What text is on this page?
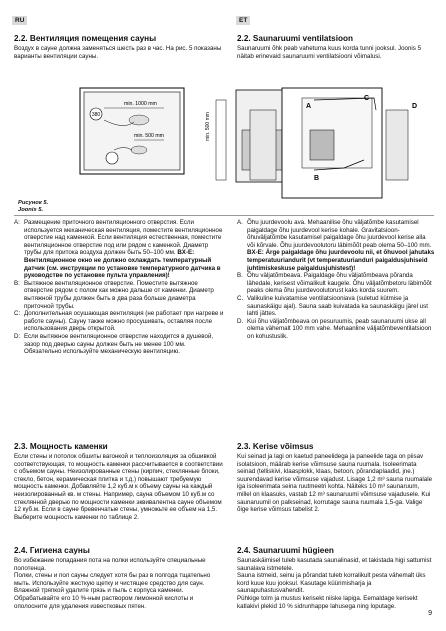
RU	ET
2.2. Вентиляция помещения сауны

Воздух в сауне должна заменяться шесть раз в час. На рис. 5 показаны варианты вентиляции сауны.

2.2. Saunaruumi ventilatsioon

Saunaruumi õhk peab vahetuma kuus korda tunni jooksul. Joonis 5 näitab erinevaid saunaruumi ventilatsiooni võimalusi.

380
min. 1000 mm
min. 500 mm	min. 500 mm
A
B
C
D
Рисунок 5.
Joonis 5.
A: Размещение приточного вентиляционного отверстия. Если используется механическая вентиляция, поместите вентиляционное отверстие над каменкой. Если вентиляция естественная, поместите вентиляционное отверстие под или рядом с каменкой. Диаметр трубы для притока воздуха должен быть 50–100 мм. BX-E: Вентиляционное окно не должно охлаждать температурный датчик (см. инструкции по установке температурного датчика в руководстве по установке пульта управления)!
B: Вытяжное вентиляционное отверстие. Поместите вытяжное отверстие рядом с полом как можно дальше от каменки. Диаметр вытяжной трубы должен быть в два раза больше диаметра приточной трубы.
C: Дополнительная осушающая вентиляция (не работает при нагреве и работе сауны). Сауну также можно просушивать, оставляя после использования дверь открытой.
D: Если вытяжное вентиляционное отверстие находится в душевой, зазор под дверью сауны должен быть не менее 100 мм. Обязательно используйте механическую вентиляцию.
A. Õhu juurdevoolu ava. Mehaanilise õhu väljatõmbe kasutamisel paigaldage õhu juurdevool kerise kohale. Gravitatsioon-õhuväljatõmbe kasutamisel paigaldage õhu juurdevool kerise alla või kõrvale. Õhu juurdevoolutoru läbimõõt peab olema 50–100 mm. BX-E: Ärge paigaldage õhu juurdevoolu nii, et õhuvool jahutaks temperatuuriandurit (vt temperatuurianduri paigaldusjuhiseid juhtimiskeskuse paigaldusjuhistest)!
B. Õhu väljatõmbeava. Paigaldage õhu väljatõmbeava põranda lähedale, kerisest võimalikult kaugele. Õhu väljatõmbetoru läbimõõt peaks olema õhu juurdevoolutorust kaks korda suurem.
C. Valikuline kuivatamise ventilatsiooniava (suletud kütmise ja saunaskäigu ajal). Sauna saab kuivatada ka saunaskäigu järel ust lahti jättes.
D. Kui õhu väljatõmbeava on pesuruumis, peab saunaruumi ukse all olema vähemalt 100 mm vahe. Mehaanline väljatõmbeventilatsioon on kohustuslik.
2.3. Мощность каменки

Если стены и потолок обшиты вагонкой и теплоизоляция за обшивкой соответствующая, то мощность каменки рассчитывается в соответствии с объемом сауны. Неизолированные стены (кирпич, стеклянные блоки, стекло, бетон, керамическая плитка и т.д.) повышают требуемую мощность каменки. Добавляйте 1,2 куб.м к объему сауны на каждый неизолированный кв. м стены. Например, сауна объемом 10 куб.м со стеклянной дверью по мощности каменки эквивалентна сауне объемом 12 куб.м. Если в сауне бревенчатые стены, умножьте ее объем на 1,5. Выберите мощность каменки по таблице 2.

2.3. Kerise võimsus

Kui seinad ja lagi on kaetud paneelidega ja paneelide taga on piisav isolatsioon, määrab kerise võimsuse sauna ruumala. Isoleerimata seinad (telliskivi, klaasplokk, klaas, betoon, põrandaplaadid, jne.) suurendavad kerise võimsuse vajadust. Lisage 1,2 m³ sauna ruumalale iga isoleerimata seina ruutmeetri kohta. Näiteks 10 m³ saunaruum, millel on klaasuks, vastab 12 m³ saunaruumi võimsuse vajadusele. Kui saunaruumil on palkseinad, korrutage sauna ruumala 1,5-ga. Valige õige kerise võimsus tabelist 2.

2.4. Гигиена сауны

Во избежание попадания пота на полки используйте специальные полотенца.

Полки, стены и пол сауны следует хотя бы раз в полгода тщательно мыть. Используйте жесткую щетку и чистящее средство для саун.

Влажной тряпкой удалите грязь и пыль с корпуса каменки. Обрабатывайте его 10 %-ным раствором лимонной кислоты и ополосните для удаления известковых пятен.

2.4. Saunaruumi hügieen

Saunaskäimisel tuleb kasutada saunalinasid, et takistada higi sattumist saunalava istmetele.

Sauna istmeid, seinu ja põrandat tuleb korralikult pesta vähemalt üks kord kuue kuu jooksul. Kasutage küürimisharja ja saunapuhastusvahendit.

Pühkige tolm ja mustus kerisekt niiske lapiga. Eemaldage kerisekt katlakivi plekid 10 % sidrunhappe lahusega ning loputage.

9
